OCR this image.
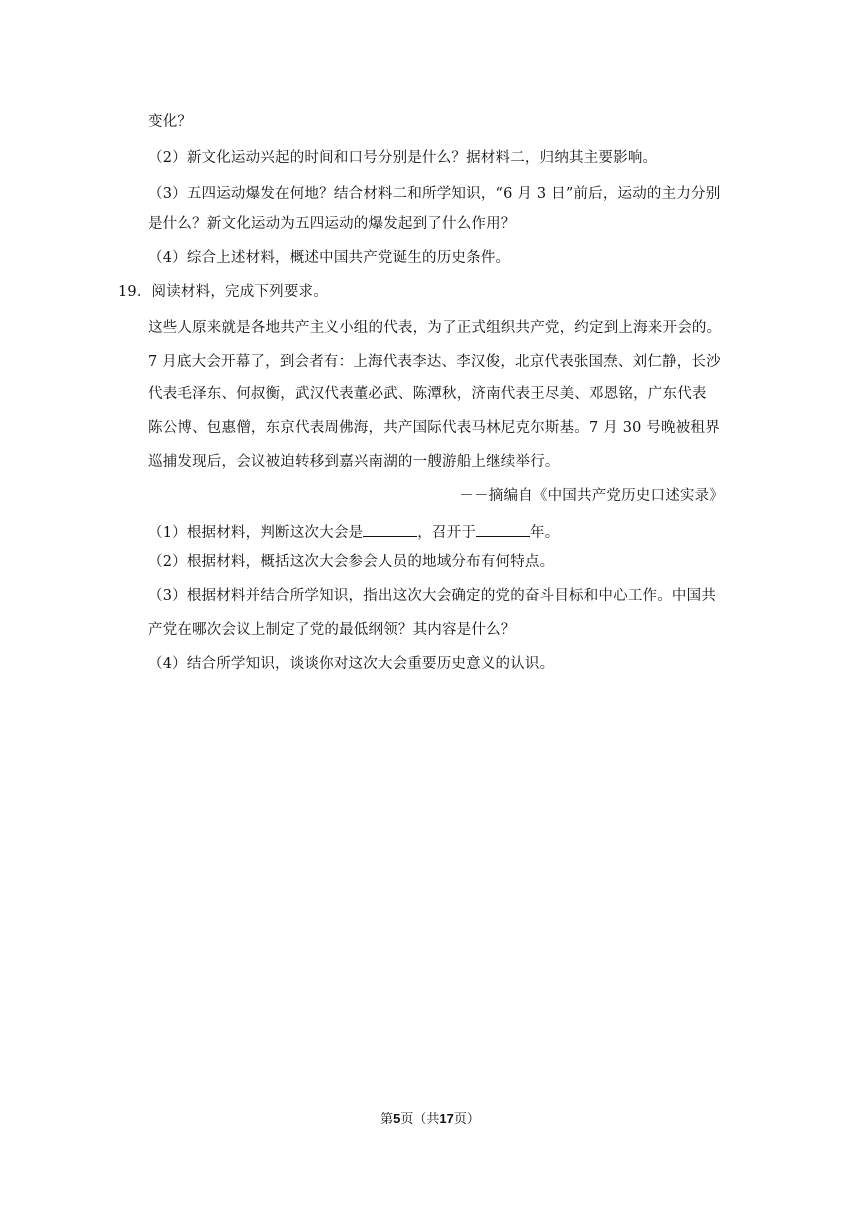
变化？
（2）新文化运动兴起的时间和口号分别是什么？据材料二，归纳其主要影响。
（3）五四运动爆发在何地？结合材料二和所学知识，“6 月 3 日”前后，运动的主力分别
是什么？新文化运动为五四运动的爆发起到了什么作用？
（4）综合上述材料，概述中国共产党诞生的历史条件。
19．阅读材料，完成下列要求。
这些人原来就是各地共产主义小组的代表，为了正式组织共产党，约定到上海来开会的。
7 月底大会开幕了，到会者有：上海代表李达、李汉俊，北京代表张国焘、刘仁静，长沙
代表毛泽东、何叔衡，武汉代表董必武、陈潭秋，济南代表王尽美、邓恩铭，广东代表
陈公博、包惠僧，东京代表周佛海，共产国际代表马林尼克尔斯基。7 月 30 号晚被租界
巡捕发现后，会议被迫转移到嘉兴南湖的一艘游船上继续举行。
－－摘编自《中国共产党历史口述实录》
（1）根据材料，判断这次大会是	，召开于	年。
（2）根据材料，概括这次大会参会人员的地域分布有何特点。
（3）根据材料并结合所学知识，指出这次大会确定的党的奋斗目标和中心工作。中国共
产党在哪次会议上制定了党的最低纲领？其内容是什么？
（4）结合所学知识，谈谈你对这次大会重要历史意义的认识。
第5页（共17页）
